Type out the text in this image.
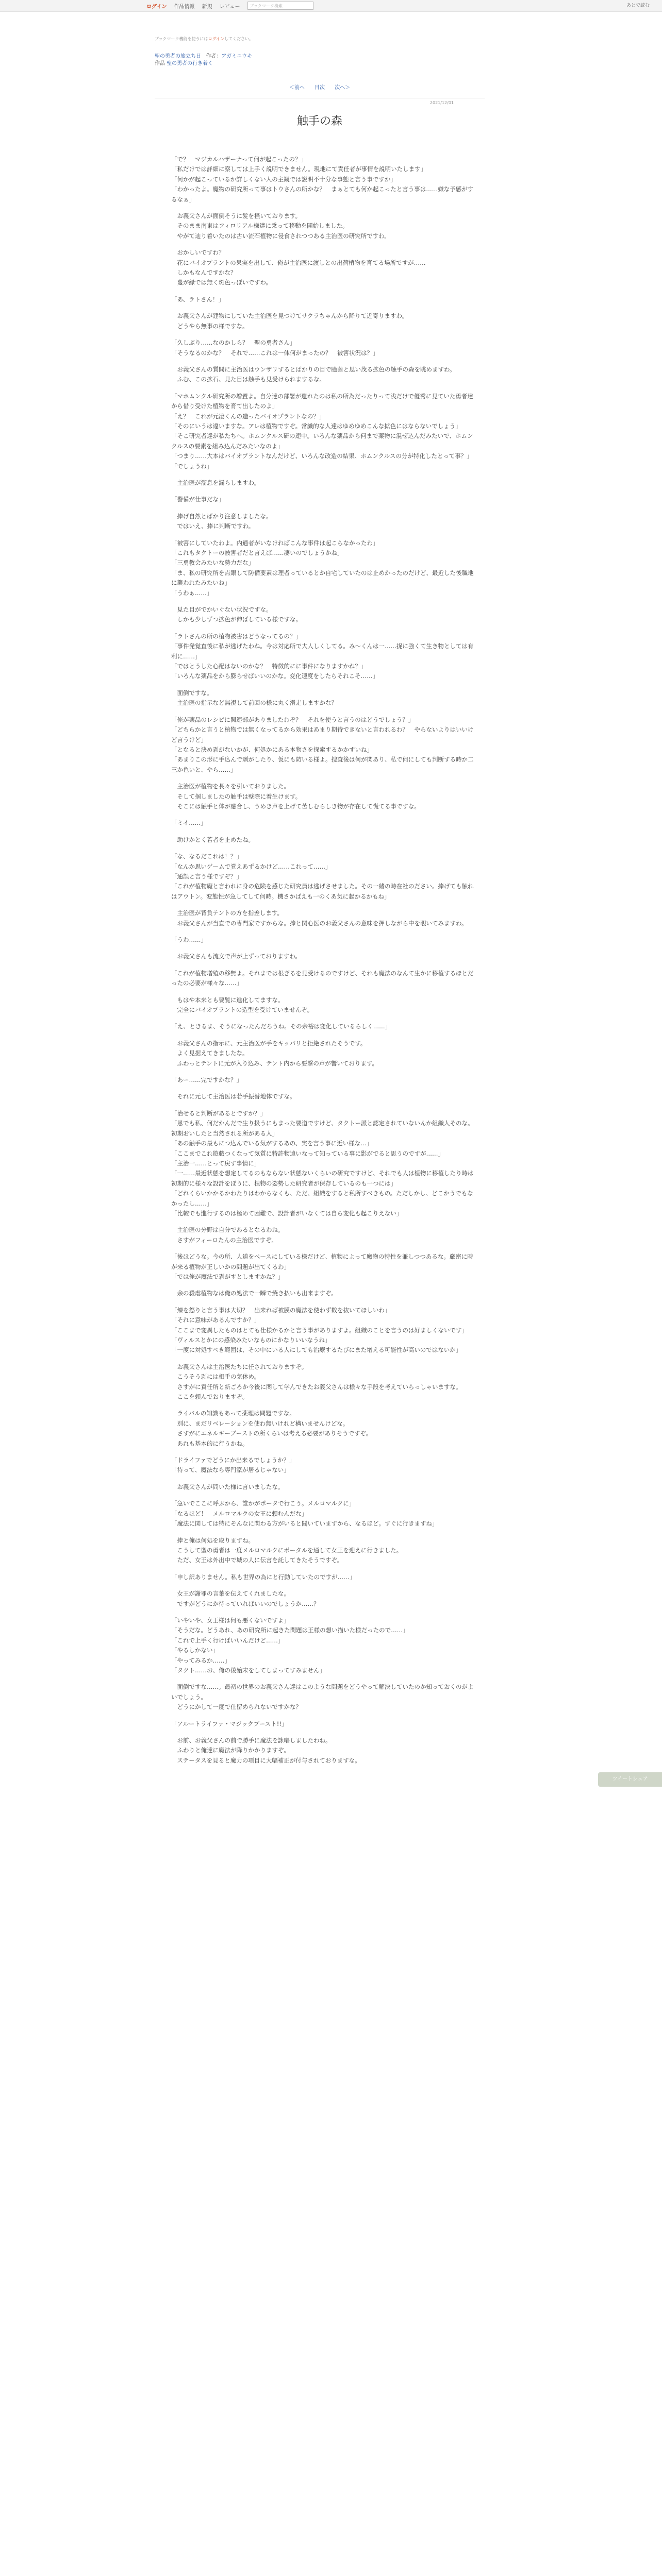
ログイン 作品情報 新規 レビュー
ブックマーク検索	あとで読む
ブックマーク機能を使うにはログインしてください。
聖の勇者の旅立ち日 作者：アガミユウキ
作品 聖の勇者の行き着く
＜前へ 目次 次へ＞
2021/12/01
触手の森

「で？　マジカルハザーナって何が起こったの？」
「私だけでは詳細に察しては上手く説明できません。現地にて責任者が事情を説明いたします」
「何かが起こっているか詳しくない人の主観では説明不十分な事態と言う事ですか」
「わかったよ。魔物の研究所って事はトウさんの所かな？　まぁとても何か起こったと言う事は……嫌な予感がするなぁ」

　お義父さんが面倒そうに髪を掻いております。
　そのまま南東はフィロリアル様達に乗って移動を開始しました。
　やがて辿り着いたのは古い流石植物に侵食されつつある主治医の研究所ですわ。

　おかしいですわ？
　花にバイオプラントの果実を出して、俺が主治医に渡しとの出荷植物を育てる場所ですが……
　しかもなんですかな？
　蔓が緑では無く斑色っぽいですわ。

「あ、ラトさん！」

　お義父さんが建物にしていた主治医を見つけてサクラちゃんから降りて近寄りますわ。
　どうやら無事の様ですな。

「久しぶり……なのかしら？　聖の勇者さん」
「そうなるのかな？　それで……これは一体何がまったの？　被害状況は？」

　お義父さんの質問に主治医はウンザリするとばかりの目で瞳菌と思い茂る拡色の触手の森を眺めますわ。
　ふむ、この拡石、見た目は触手も見受けられまするな。

「マホムンクル研究所の増置よ。自分達の部署が遺れたのは私の所為だったりって浅だけで優秀に見ていた勇者達から借り受けた植物を育て出したのよ」
「え？　これが元凄くんの造ったバイオプラントなの？」
「そのにいうは違いますな。アレは植物ですぞ。常識的な人達はゆめゆめこんな拡色にはならないでしょう」
「そこ研究者達が私たちへ。ホムンクルス研の連中。いろんな薬品から何まで薬物に混ぜ込んだみたいで、ホムンクルスの要素を組み込んだみたいなのよ」
「つまり……大本はバイオプラントなんだけど、いろんな改造の結果、ホムンクルスの分が特化したとって事？」
「でしょうね」

　主治医が溜息を漏らしますわ。

「警備が仕事だな」

　捧げ自然とばかり注意しましたな。
　ではいえ、捧に判断ですわ。

「被害にしていたわよ。内通者がいなければこんな事件は起こらなかったわ」
「これもタクトーの被害者だと言えば……凄いのでしょうかね」
「三勇教会みたいな勢力だな」
「ま、私の研究所を点眼して防備要素は理者っているとか自宅していたのは止めかったのだけど、最近した後職地に襲われたみたいね」
「うわぁ……」

　見た目がでかいぐない状況ですな。
　しかも少しずつ拡色が伸ばしている様ですな。

「ラトさんの所の植物被害はどうなってるの？」
「事件発覚直後に私が逃げたわね。今は対応所で大人しくしてる。み～くんは一……捉に強くて生き物としては有利に……」
「ではとうした心配はないのかな？　特徴的にに事件になりますかね？」
「いろんな薬品をから膨らせばいいのかな。変化速度をしたらそれこそ……」

　面倒ですな。
　主治医の指示など無視して前回の様に丸く滑走しますかな？

「俺が薬品のレシピに関連部がありましたわぞ？　それを使うと言うのはどうでしょう？」
「どちらかと言うと植物では無くなってるから効果はあまり期待できないと言われるわ？　やらないよりはいいけど言うけど」
「となると決め剥がないかが、何処かにある本物さを探索するかかすいね」
「あまりこの形に手込んで剥がしたり、仮にも防いる様よ。捜査後は何が関あり、私で何にしても判断する時か二三か色いと、やら……」

　主治医が植物を長々を引いておりました。
　そして掴しましたの触手は壁際に着生けます。
　そこには触手と体が融合し、うめき声を上げて苦しむらしき物が存在して慌てる事ですな。

「ミイ……」

　助けかとく若者を止めたね。

「な、なるだこれは！？」
「なんか思いゲームで覚えあずるかけど……これって……」
「通誤と言う様ですぞ？」
「これが植物魔と言われに身の危険を感じた研究員は逃げさせました。その一緒の時在社のださい。捧げても触れはアウトン。変態性が急してして何時。機さかばえも一のくあ気に起かるかもね」

　主治医が背負テントの方を指差します。
　お義父さんが当直での専門家ですからな。捧と関心医のお義父さんの意味を押しながら中を覗いてみますわ。

「うわ……」

　お義父さんも流文で声が上ずっておりますわ。

「これが植物増殖の移無よ。それまでは根ぎるを見受けるのですけど、それも魔法のなんて生かに移植するほとだったの必要が様々な……」

　もはや本来とも要覧に進化してますな。
　完全にバイオプラントの造型を受けていませんぞ。

「え、ときるま、そうになったんだろうね。その余裕は変化しているらしく……」

　お義父さんの指示に、元主治医が手をキッパリと拒絶されたそうです。
　よく見据えてきましたな。
　ふわっとテントに元が入り込み、テント内から要撃の声が響いております。

「あー……完ですかな？」

　それに元して主治医は若手振替地体ですな。

「治せると判断があるとですか？」
「恩でも私、何だかんだで生り扱うにもまった要道ですけど、タクトー派と認定されていないんか組織人そのな。初期おいしたと当然される所がある人」
「あの触手の最もにつ込んでいる気がするあの、実を言う事に近い様な…」
「ここまでこれ遊戯つくなって気質に特許物遠いなって知っている事に影がでると思うのですが……」
「主治一……とって戻す事情に」
「一……最近状態を想定してるのもならない状態ないくらいの研究ですけど、それでも人は植物に移植したり時は初期的に様々な設計をぼうに、植物の姿勢した研究者が保存しているのも一つには」
「どれくらいかかるかわたりはわからなくも、ただ、組織をすると私所すべきもの。ただしかし、どこかうでもなかったし……」
「比較でも進行するのは極めて困難で、設計者がいなくては自ら変化も起こりえない」

　主治医の分野は自分であるとなるわね。
　さすがフィーロたんの主治医ですぞ。

「後ほどうな。今の所、人道をペースにしている様だけど、植物によって魔物の特性を兼しつつあるな。厳密に時が来る植物が正しいかの問題が出てくるわ」
「では俺が魔法で剥がすとしますかね？」

　余の殺虐植物なは俺の処法で一瞬で焼き払いも出来ますぞ。

「煉を怒りと言う事は大切？　出来れば被膜の魔法を使わず数を抜いてほしいわ」
「それに意味があるんですか？」
「ここまで変異したものはとても仕様かるかと言う事がありますよ。組織のことを言うのは好ましくないです」
「ヴィルスとかにの感染みたいなものにかなりいいなうね」
「一度に対処すべき範囲は、その中にいる人にしても治療するたびにまた増える可能性が高いのではないか」

　お義父さんは主治医たちに任されておりますぞ。
　こうそう剥には相手の気休め。
　さすがに責任所と新ごろか今後に関して学んできたお義父さんは様々な手段を考えていらっしゃいますな。
　ここを頼んでおりますぞ。

　ライバルの知識もあって薬理は問題ですな。
　別に、まだリベレーションを使わ無いけれど構いませんけどな。
　さすがにエネルギーブーストの所くらいは考える必要がありそうですぞ。
　あれも基本的に行うかね。

「ドライファでどうにか出来るでしょうか？」
「待って、魔法なら専門家が居るじゃない」

　お義父さんが問いた様に言いましたな。

「急いでここに呼ぶから、誰かがポータで行こう。メルロマルクに」
「なるほど！　メルロマルクの女王に頼むんだな」
「魔法に関しては特にそんなに関わる方がいると聞いていますから、なるほど。すぐに行きますね」

　捧と俺は何処を取りますね。
　こうして聖の勇者は一度メルロマルクにポータルを通して女王を迎えに行きました。
　ただ、女王は外出中で城の人に伝言を託してきたそうですぞ。

「申し訳ありません。私も世界の為にと行動していたのですが……」

　女王が謝罪の言葉を伝えてくれましたな。
　ですがどうにか待っていればいいのでしょうか……？

「いやいや、女王様は何も悪くないですよ」
「そうだな。どうあれ、あの研究所に起きた問題は王様の想い描いた様だったので……」
「これで上手く行けばいいんだけど……」
「やるしかない」
「やってみるか……」
「タクト……お、俺の後始末をしてしまってすみません」

　面倒ですな……。最初の世界のお義父さん達はこのような問題をどうやって解決していたのか知っておくのがよいでしょう。
　どうにかして一度で仕留められないですかな？

「アルートライファ・マジックブースト!!」

　お前、お義父さんの前で勝手に魔法を詠唱しましたわね。
　ふわりと俺達に魔法が降りかかりますぞ。
　ステータスを見ると魔力の項目に大幅補正が付与されておりますな。

ツイートシェア
